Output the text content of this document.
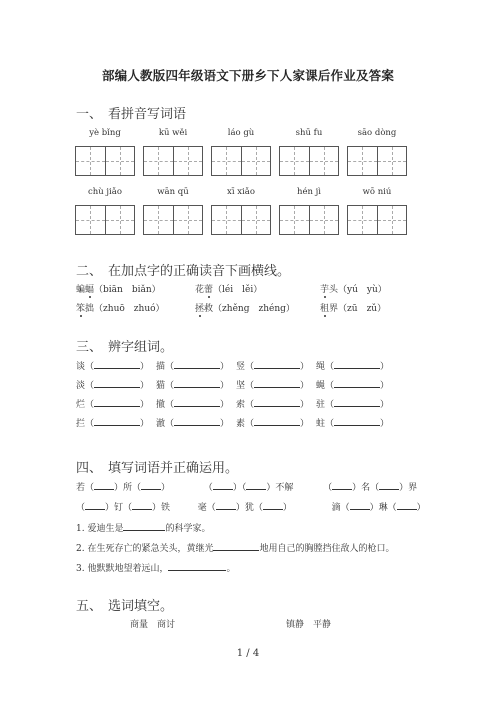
部编人教版四年级语文下册乡下人家课后作业及答案
一、 看拼音写词语
yè bǐng	kū wěi	láo gù	shū fu	sāo dòng
chù jiǎo	wān qū	xī xiǎo	hén jì	wō niú
二、 在加点字的正确读音下画横线。
蝙蝠（biān　biǎn）	花蕾（léi　lěi）	芋头（yú　yù）
笨拙（zhuō　zhuó）	拯救（zhěng　zhéng）	租界（zū　zǔ）
三、 辨字组词。
谈（	） 描（	） 竖（	） 绳（	）
淡（	） 猫（	） 坚（	） 蝇（	）
烂（	） 撤（	） 索（	） 驻（	）
拦（	） 澈（	） 素（	） 蛀（	）
四、 填写词语并正确运用。
若（ ）所（ ）	（ ）（ ）不解	（ ）名（ ）界
（ ）钉（ ）铁	毫（ ）犹（ ）	滴（ ）琳（ ）
1. 爱迪生是	的科学家。
2. 在生死存亡的紧急关头，黄继光	地用自己的胸膛挡住敌人的枪口。
3. 他默默地望着远山，	。
五、 选词填空。
商量　商讨	镇静　平静
1 / 4
